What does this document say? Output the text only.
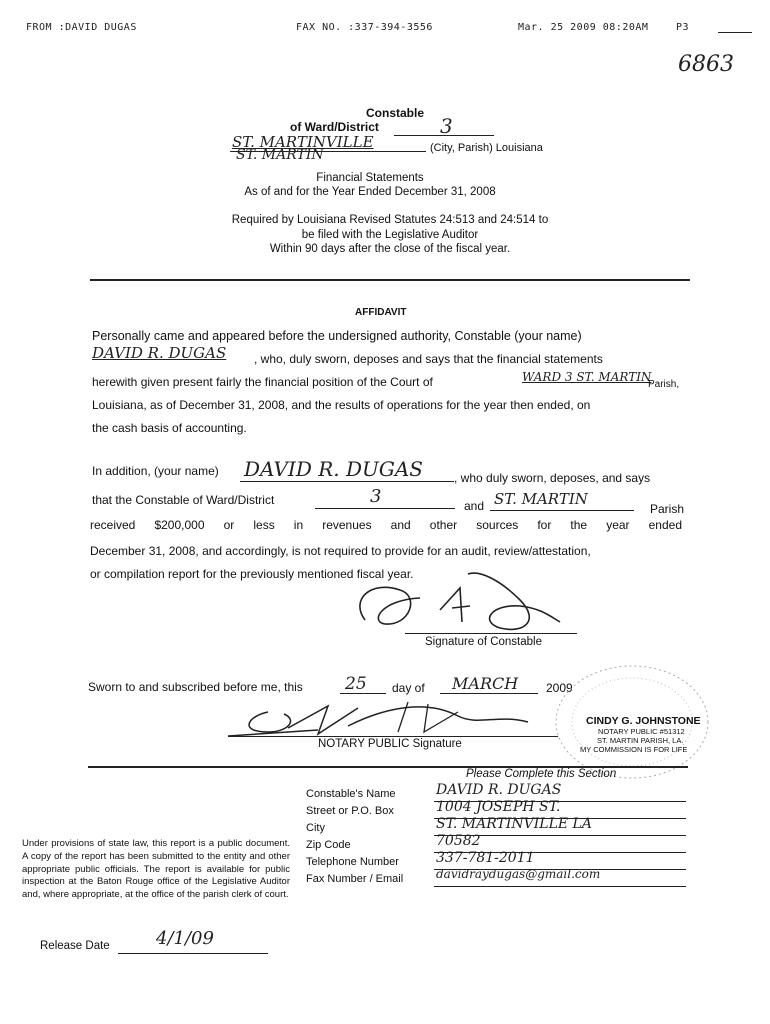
FROM :DAVID DUGAS	FAX NO. :337-394-3556	Mar. 25 2009 08:20AM	P3
6863
Constable
of Ward/District	3
ST. MARTINVILLE	(City, Parish) Louisiana
ST. MARTIN
Financial Statements
As of and for the Year Ended December 31, 2008
Required by Louisiana Revised Statutes 24:513 and 24:514 to
be filed with the Legislative Auditor
Within 90 days after the close of the fiscal year.
AFFIDAVIT
Personally came and appeared before the undersigned authority, Constable (your name)
DAVID R. DUGAS , who, duly sworn, deposes and says that the financial statements
herewith given present fairly the financial position of the Court of	WARD 3 ST. MARTIN
Parish,
Louisiana, as of December 31, 2008, and the results of operations for the year then ended, on
the cash basis of accounting.
In addition, (your name) DAVID R. DUGAS	, who duly sworn, deposes, and says
that the Constable of Ward/District	3	and ST. MARTIN
Parish
received $200,000 or less in revenues and other sources for the year ended
December 31, 2008, and accordingly, is not required to provide for an audit, review/attestation,
or compilation report for the previously mentioned fiscal year.
Signature of Constable
Sworn to and subscribed before me, this 25 day of MARCH 2009
NOTARY PUBLIC Signature
CINDY G. JOHNSTONE
NOTARY PUBLIC #51312
ST. MARTIN PARISH, LA.
MY COMMISSION IS FOR LIFE
Please Complete this Section
Constable's Name	DAVID R. DUGAS
Street or P.O. Box	1004 JOSEPH ST.
City	ST. MARTINVILLE LA
Zip Code	70582
Telephone Number	337-781-2011
Fax Number / Email	davidraydugas@gmail.com
Under provisions of state law, this report is a public document. A copy of the report has been submitted to the entity and other appropriate public officials. The report is available for public inspection at the Baton Rouge office of the Legislative Auditor and, where appropriate, at the office of the parish clerk of court.
Release Date	4/1/09
